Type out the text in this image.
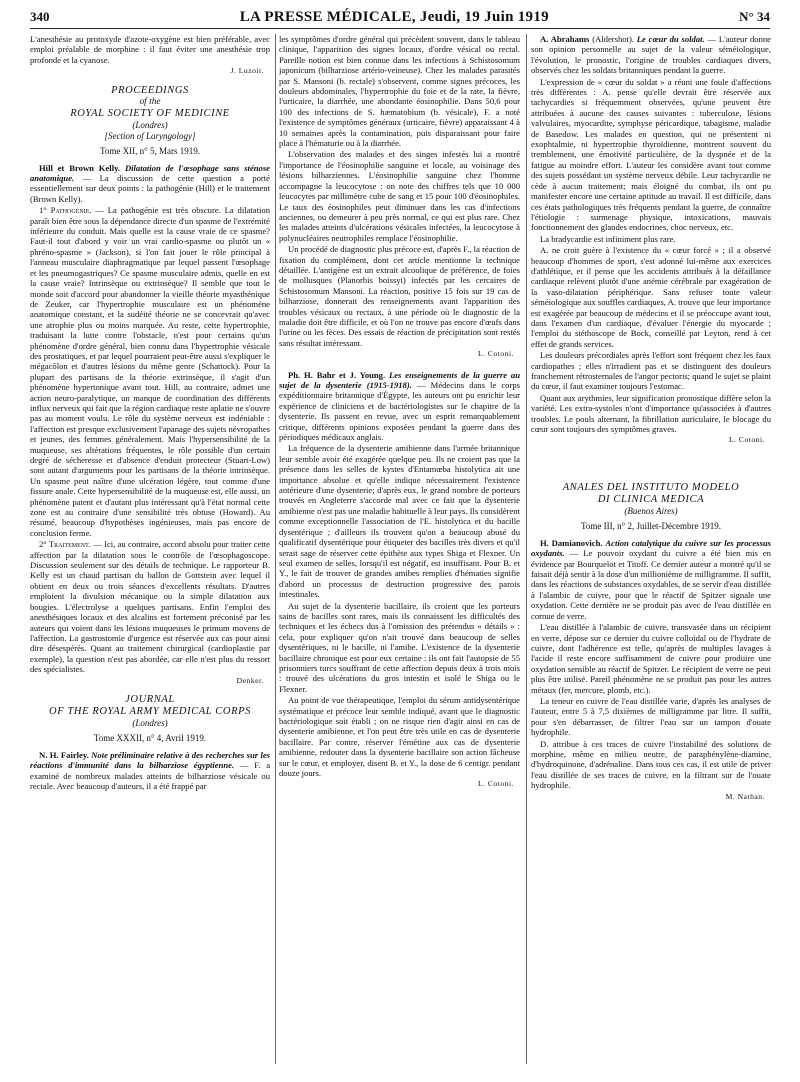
340	LA PRESSE MÉDICALE, Jeudi, 19 Juin 1919	N° 34

L'anesthésie au protoxyde d'azote-oxygène est bien préférable, avec emploi préalable de morphine : il faut éviter une anesthésie trop profonde et la cyanose.

J. Luzoir.
PROCEEDINGS
of the
ROYAL SOCIETY OF MEDICINE
(Londres)
[Section of Laryngology]
Tome XII, n° 5, Mars 1919.

Hill et Brown Kelly. Dilatation de l'œsophage sans sténose anatomique. — La discussion de cette question a porté essentiellement sur deux points : la pathogénie (Hill) et le traitement (Brown Kelly).

1° Pathogénie. — La pathogénie est très obscure. La dilatation paraît bien être sous la dépendance directe d'un spasme de l'extrémité inférieure du conduit. Mais quelle est la cause vraie de ce spasme? Faut-il tout d'abord y voir un vrai cardio-spasme ou plutôt un « phréno-spasme » (Jackson), si l'on fait jouer le rôle principal à l'anneau musculaire diaphragmatique par lequel passent l'œsophage et les pneumogastriques? Ce spasme musculaire admis, quelle en est la cause vraie? Intrinsèque ou extrinsèque? Il semble que tout le monde soit d'accord pour abandonner la vieille théorie myasthénique de Zeuker, car l'hypertrophie musculaire est un phénomène anatomique constant, et la sudéité théorie ne se concevrait qu'avec une atrophie plus ou moins marquée. Au reste, cette hypertrophie, traduisant la lutte contre l'obstacle, n'est pour certains qu'un phénomène d'ordre général, bien connu dans l'hypertrophie vésicale des prostatiques, et par lequel pourraient peut-être aussi s'expliquer le mégacôlon et d'autres lésions du même genre (Schattock). Pour la plupart des partisans de la théorie extrinsèque, il s'agit d'un phénomène hypertonique avant tout. Hill, au contraire, admet une action neuro-paralytique, un manque de coordination des différents influx nerveux qui fait que la région cardiaque reste aplatie ne s'ouvre pas au moment voulu. Le rôle du système nerveux est indéniable : l'affection est presque exclusivement l'apanage des sujets névropathes et jeunes, des femmes généralement. Mais l'hypersensibilité de la muqueuse, ses altérations fréquentes, le rôle possible d'un certain degré de sécheresse et d'absence d'enduit protecteur (Stuart-Low) sont autant d'arguments pour les partisans de la théorie intrinsèque. Un spasme peut naître d'une ulcération légère, tout comme d'une fissure anale. Cette hypersensibilité de la muqueuse est, elle aussi, un phénomène patent et d'autant plus intéressant qu'à l'état normal cette zone est au contraire d'une sensibilité très obtuse (Howard). Au résumé, beaucoup d'hypothèses ingénieuses, mais pas encore de conclusion ferme.

2° Traitement. — Ici, au contraire, accord absolu pour traiter cette affection par la dilatation sous le contrôle de l'œsophagoscope. Discussion seulement sur des détails de technique. Le rapporteur B. Kelly est un chaud partisan du ballon de Gottstein avec lequel il obtient en deux ou trois séances d'excellents résultats. D'autres emploient la divulsion mécanique ou la simple dilatation aux bougies. L'électrolyse a quelques partisans. Enfin l'emploi des anesthésiques locaux et des alcalins est fortement préconisé par les auteurs qui voient dans les lésions muqueuses le primum movens de l'affection. La gastrostomie d'urgence est réservée aux cas pour ainsi dire désespérés. Quant au traitement chirurgical (cardioplastie par exemple), la question n'est pas abordée, car elle n'est plus du ressort des spécialistes.

Denker.
JOURNAL
OF THE ROYAL ARMY MEDICAL CORPS
(Londres)
Tome XXXII, n° 4, Avril 1919.

N. H. Fairley. Note préliminaire relative à des recherches sur les réactions d'immunité dans la bilharziose égyptienne. — F. a examiné de nombreux malades atteints de bilharziose vésicale ou rectale. Avec beaucoup d'auteurs, il a été frappé par

les symptômes d'ordre général qui précèdent souvent, dans le tableau clinique, l'apparition des signes locaux, d'ordre vésical ou rectal. Pareille notion est bien connue dans les infections à Schistosomum japonicum (bilharziose artério-veineuse). Chez les malades parasités par S. Mansoni (b. rectale) s'observent, comme signes précoces, les douleurs abdominales, l'hypertrophie du foie et de la rate, la fièvre, l'urticaire, la diarrhée, une abondante éosinophilie. Dans 50,6 pour 100 des infections de S. hæmatobium (b. vésicale), F. a noté l'existence de symptômes généraux (urticaire, fièvre) apparaissant 4 à 10 semaines après la contamination, puis disparaissant pour faire place à l'hématurie ou à la diarrhée.

L'observation des malades et des singes infestés lui a montré l'importance de l'éosinophilie sanguine et locale, au voisinage des lésions bilharziennes. L'éosinophilie sanguine chez l'homme accompagne la leucocytose : on note des chiffres tels que 10 000 leucocytes par millimètre cube de sang et 15 pour 100 d'éosinophiles. Le taux des éosinophiles peut diminuer dans les cas d'infections anciennes, ou demeurer à peu près normal, ce qui est plus rare. Chez les malades atteints d'ulcérations vésicales infectées, la leucocytose à polynucléaires neutrophiles remplace l'éosinophilie.

Un procédé de diagnostic plus précoce est, d'après F., la réaction de fixation du complément, dont cet article mentionne la technique détaillée. L'antigène est un extrait alcoolique de préférence, de foies de mollusques (Planorbis boissyi) infectés par les cercaires de Schistosomum Mansoni. La réaction, positive 15 fois sur 19 cas de bilharziose, donnerait des renseignements avant l'apparition des troubles vésicaux ou rectaux, à une période où le diagnostic de la maladie doit être difficile, et où l'on ne trouve pas encore d'œufs dans l'urine ou les fèces. Des essais de réaction de précipitation sont restés sans résultat intéressant.

L. Cotoni.

Ph. H. Bahr et J. Young. Les enseignements de la guerre au sujet de la dysenterie (1915-1918). — Médecins dans le corps expéditionnaire britannique d'Égypte, les auteurs ont pu enrichir leur expérience de cliniciens et de bactériologistes sur le chapitre de la dysenterie. Ils passent en revue, avec un esprit remarquablement critique, différents opinions exposées pendant la guerre dans des périodiques médicaux anglais.

La fréquence de la dysenterie amibienne dans l'armée britannique leur semble avoir été exagérée quelque peu. Ils ne croient pas que la présence dans les selles de kystes d'Entamœba histolytica ait une importance absolue et qu'elle indique nécessairement l'existence antérieure d'une dysenterie; d'après eux, le grand nombre de porteurs trouvés en Angleterre s'accorde mal avec ce fait que la dysenterie amibienne n'est pas une maladie habituelle à leur pays. Ils considèrent comme exceptionnelle l'association de l'E. histolytica et du bacille dysentérique ; d'ailleurs ils trouvent qu'on a beaucoup abusé du qualificatif dysentérique pour étiqueter des bacilles très divers et qu'il serait sage de réserver cette épithète aux types Shiga et Flexner. Un seul examen de selles, lorsqu'il est négatif, est insuffisant. Pour B. et Y., le fait de trouver de grandes amibes remplies d'hématies signifie d'abord un processus de destruction progressive des parois intestinales.

Au sujet de la dysenterie bacillaire, ils croient que les porteurs sains de bacilles sont rares, mais ils connaissent les difficultés des techniques et les échecs dus à l'omission des prétendus « détails » : cela, pour expliquer qu'on n'ait trouvé dans beaucoup de selles dysentériques, ni le bacille, ni l'amibe. L'existence de la dysenterie bacillaire chronique est pour eux certaine : ils ont fait l'autopsie de 55 prisonniers turcs souffrant de cette affection depuis deux à trois mois : trouvé des ulcérations du gros intestin et isolé le Shiga ou le Flexner.

Au point de vue thérapeutique, l'emploi du sérum antidysentérique systématique et précoce leur semble indiqué, avant que le diagnostic bactériologique soit établi ; on ne risque rien d'agir ainsi en cas de dysenterie amibienne, et l'on peut être très utile en cas de dysenterie bacillaire. Par contre, réserver l'émétine aux cas de dysenterie amibienne, redouter dans la dysenterie bacillaire son action fâcheuse sur le cœur, et employer, disent B. et Y., la dose de 6 centigr. pendant douze jours.

L. Cotoni.

A. Abrahams (Aldershot). Le cœur du soldat. — L'auteur donne son opinion personnelle au sujet de la valeur séméiologique, l'évolution, le pronostic, l'origine de troubles cardiaques divers, observés chez les soldats britanniques pendant la guerre.

L'expression de « cœur du soldat » a réuni une foule d'affections très différentes : A. pense qu'elle devrait être réservée aux tachycardies si fréquemment observées, qu'une peuvent être attribuées à aucune des causes suivantes : tuberculose, lésions valvulaires, myocardite, symphyse péricardique, tabagisme, maladie de Basedow. Les malades en question, qui ne présentent ni exophtalmie, ni hypertrophie thyroïdienne, montrent souvent du tremblement, une émotivité particulière, de la dyspnée et de la fatigue au moindre effort. L'auteur les considère avant tout comme des sujets possédant un système nerveux débile. Leur tachycardie ne cède à aucun traitement; mais éloigné du combat, ils ont pu manifester encore une certaine aptitude au travail. Il est difficile, dans ces états pathologiques très fréquents pendant la guerre, de connaître l'étiologie : surmenage physique, intoxications, mauvais fonctionnement des glandes endocrines, choc nerveux, etc.

La bradycardie est infiniment plus rare.

A. ne croit guère à l'existence du « cœur forcé » ; il a observé beaucoup d'hommes de sport, s'est adonné lui-même aux exercices d'athlétique, et il pense que les accidents attribués à la défaillance cardiaque relèvent plutôt d'une anémie cérébrale par exagération de la vaso-dilatation périphérique. Sans refuser toute valeur séméiologique aux souffles cardiaques, A. trouve que leur importance est exagérée par beaucoup de médecins et il se préoccupe avant tout, dans l'examen d'un cardiaque, d'évaluer l'énergie du myocarde ; l'emploi du stéthoscope de Bock, conseillé par Leyton, rend à cet effet de grands services.

Les douleurs précordiales après l'effort sont fréquent chez les faux cardiopathes ; elles n'irradient pas et se distinguent des douleurs franchement rétrosternales de l'angor pectoris; quand le sujet se plaint du cœur, il faut examiner toujours l'estomac.

Quant aux arythmies, leur signification pronostique diffère selon la variété. Les extra-systoles n'ont d'importance qu'associées à d'autres troubles. Le pouls alternant, la fibrillation auriculaire, le blocage du cœur sont toujours des symptômes graves.

L. Cotoni.
ANALES DEL INSTITUTO MODELO
DI CLINICA MEDICA
(Buenos Aires)
Tome III, n° 2, Juillet-Décembre 1919.

H. Damianovich. Action catalytique du cuivre sur les processus oxydants. — Le pouvoir oxydant du cuivre a été bien mis en évidence par Bourquelot et Titoff. Ce dernier auteur a montré qu'il se faisait déjà sentir à la dose d'un millionième de milligramme. Il suffit, dans les réactions de substances oxydables, de se servir d'eau distillée à l'alambic de cuivre, pour que le réactif de Spitzer signale une oxydation. Cette dernière ne se produit pas avec de l'eau distillée en cornue de verre.

L'eau distillée à l'alambic de cuivre, transvasée dans un récipient en verre, dépose sur ce dernier du cuivre colloïdal ou de l'hydrate de cuivre, dont l'adhérence est telle, qu'après de multiples lavages à l'acide il reste encore suffisamment de cuivre pour produire une oxydation sensible au réactif de Spitzer. Le récipient de verre ne peut plus être utilisé. Pareil phénomène ne se produit pas pour les autres métaux (fer, mercure, plomb, etc.).

La teneur en cuivre de l'eau distillée varie, d'après les analyses de l'auteur, entre 5 à 7,5 dixièmes de milligramme par litre. Il suffit, pour s'en débarrasser, de filtrer l'eau sur un tampon d'ouate hydrophile.

D. attribue à ces traces de cuivre l'instabilité des solutions de morphine, même en milieu neutre, de paraphénylène-diamine, d'hydroquinone, d'adrénaline. Dans tous ces cas, il est utile de priver l'eau distillée de ses traces de cuivre, en la filtrant sur de l'ouate hydrophile.

M. Nathan.
